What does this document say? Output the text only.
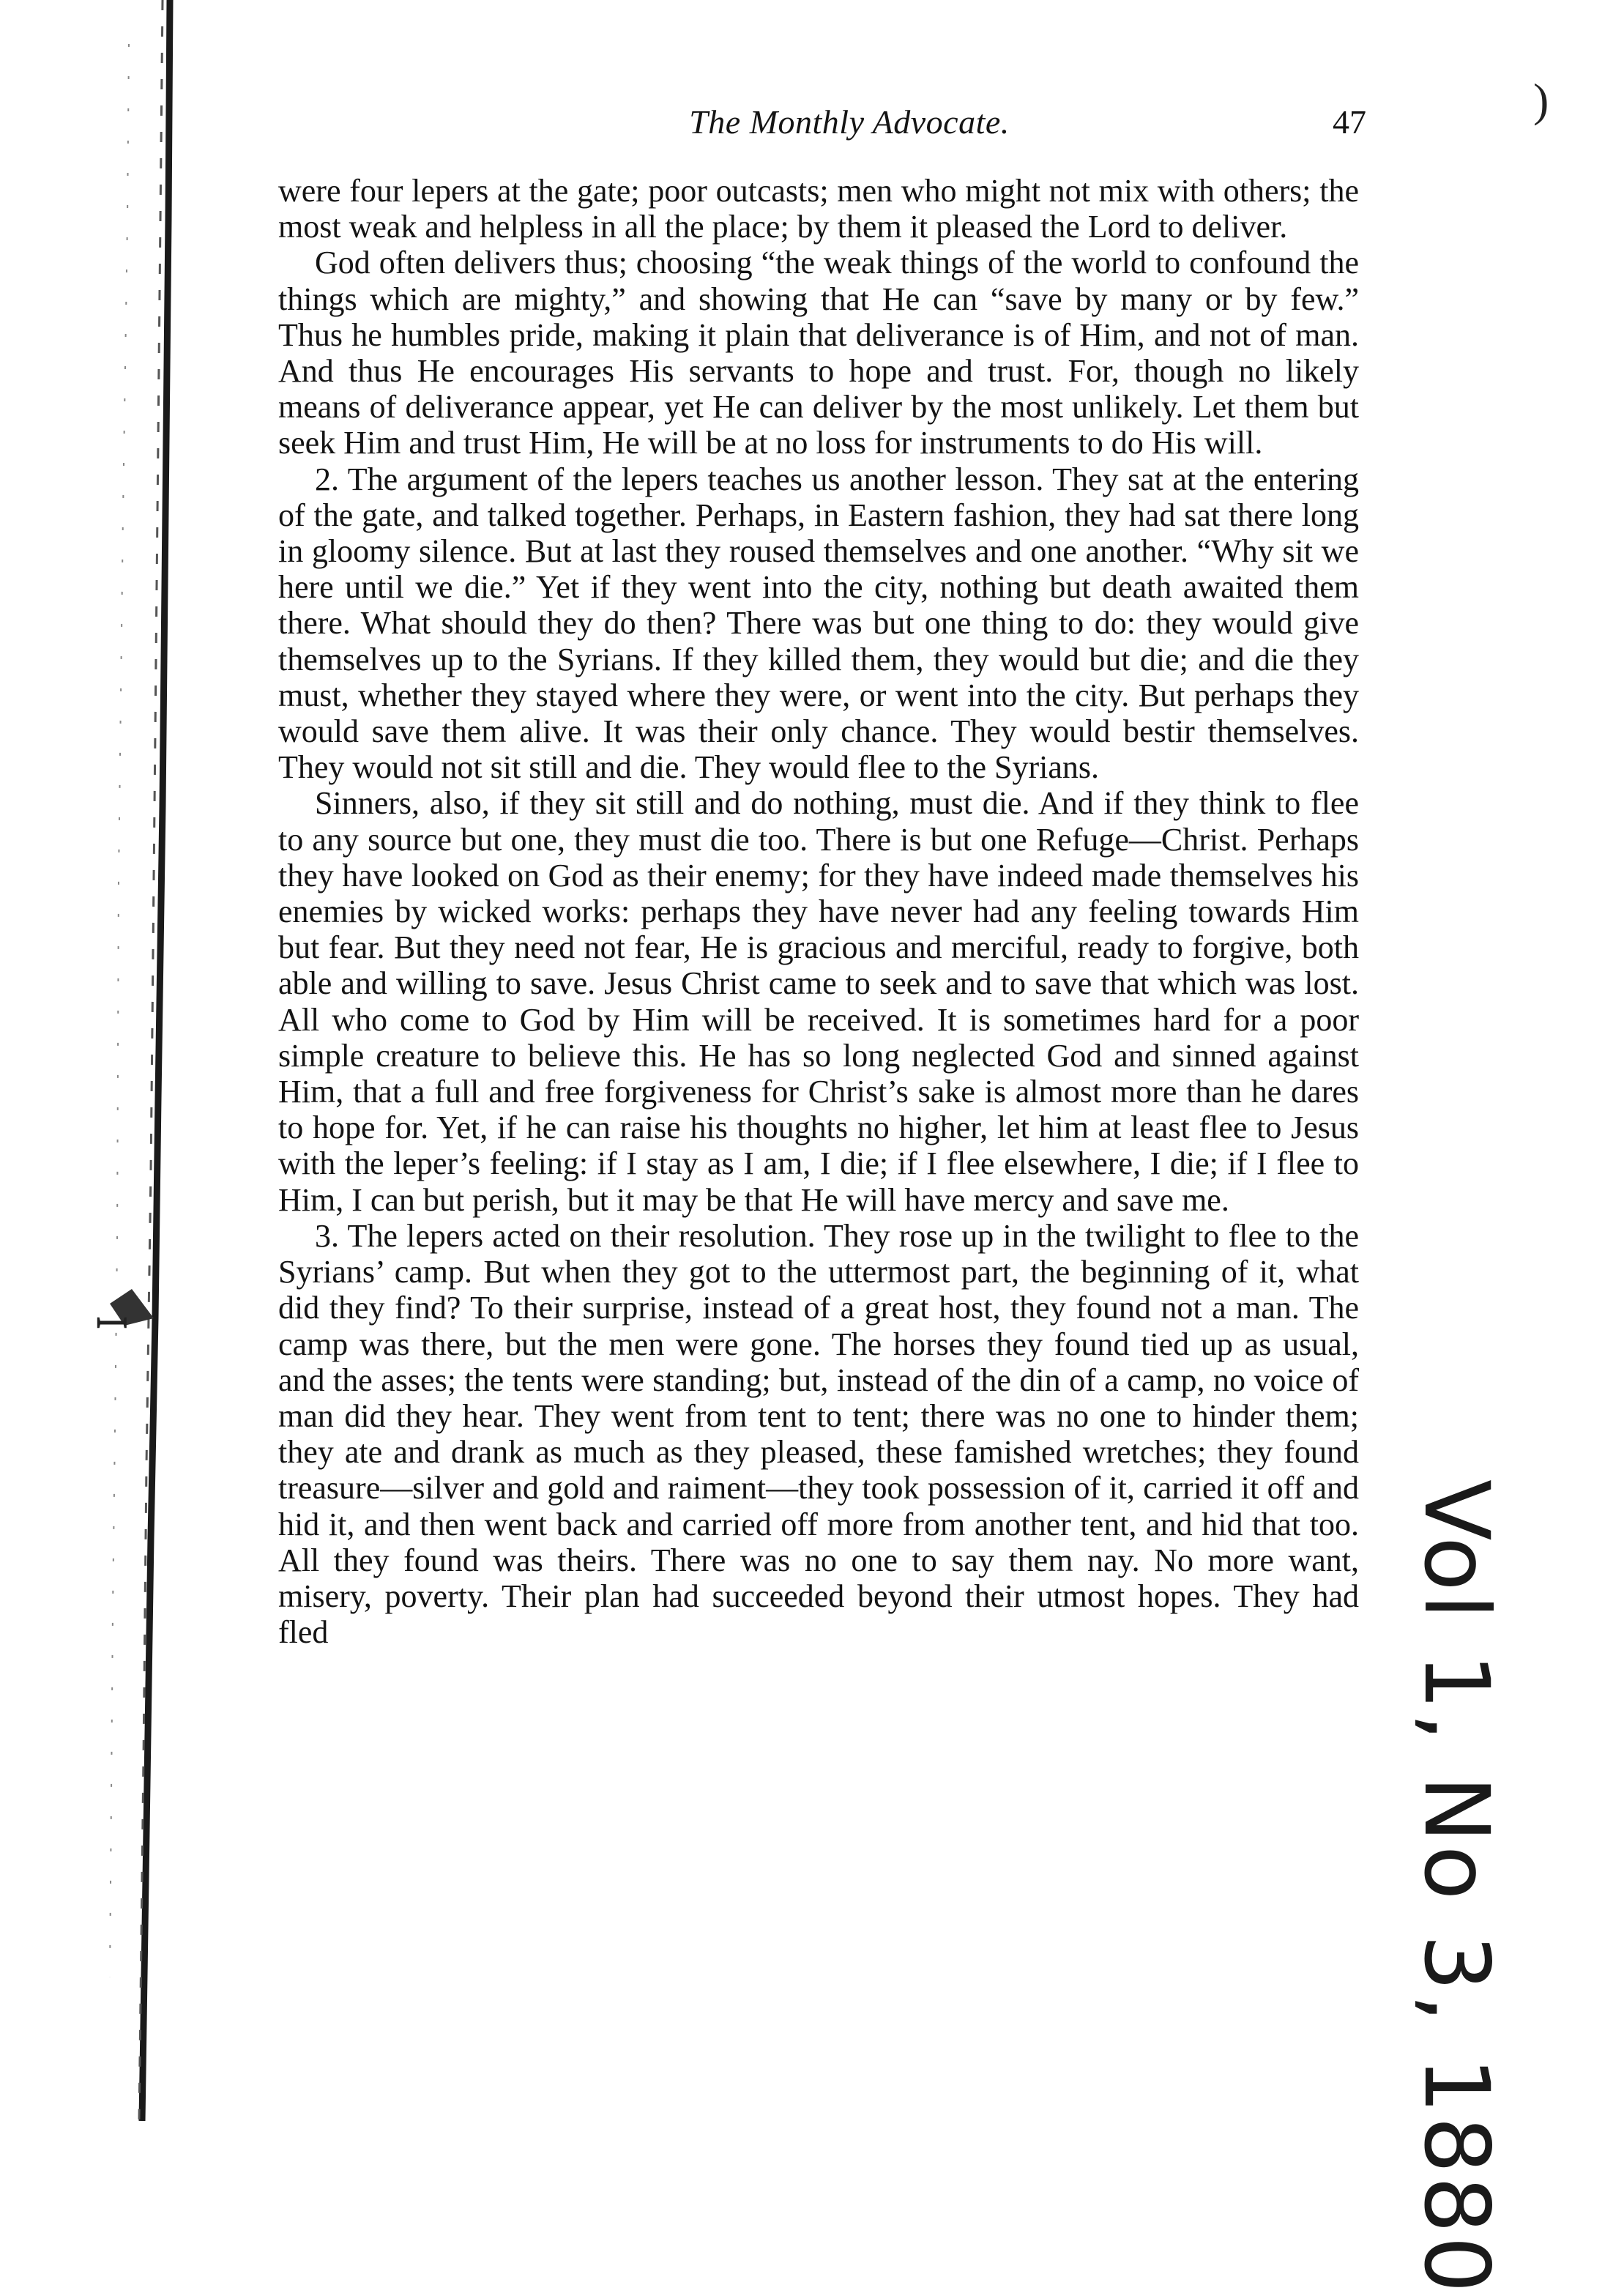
ꟷ
The Monthly Advocate.	47	)

were four lepers at the gate; poor outcasts; men who might not mix with others; the most weak and helpless in all the place; by them it pleased the Lord to deliver.

God often delivers thus; choosing “the weak things of the world to confound the things which are mighty,” and showing that He can “save by many or by few.” Thus he humbles pride, making it plain that deliverance is of Him, and not of man. And thus He encourages His servants to hope and trust. For, though no likely means of deliverance appear, yet He can deliver by the most unlikely. Let them but seek Him and trust Him, He will be at no loss for instruments to do His will.

2. The argument of the lepers teaches us another lesson. They sat at the entering of the gate, and talked together. Perhaps, in Eastern fashion, they had sat there long in gloomy silence. But at last they roused themselves and one another. “Why sit we here until we die.” Yet if they went into the city, nothing but death awaited them there. What should they do then? There was but one thing to do: they would give themselves up to the Syrians. If they killed them, they would but die; and die they must, whether they stayed where they were, or went into the city. But perhaps they would save them alive. It was their only chance. They would bestir themselves. They would not sit still and die. They would flee to the Syrians.

Sinners, also, if they sit still and do nothing, must die. And if they think to flee to any source but one, they must die too. There is but one Refuge—Christ. Perhaps they have looked on God as their enemy; for they have indeed made themselves his enemies by wicked works: perhaps they have never had any feeling towards Him but fear. But they need not fear, He is gracious and merciful, ready to forgive, both able and willing to save. Jesus Christ came to seek and to save that which was lost. All who come to God by Him will be received. It is sometimes hard for a poor simple creature to believe this. He has so long neglected God and sinned against Him, that a full and free forgiveness for Christ’s sake is almost more than he dares to hope for. Yet, if he can raise his thoughts no higher, let him at least flee to Jesus with the leper’s feeling: if I stay as I am, I die; if I flee elsewhere, I die; if I flee to Him, I can but perish, but it may be that He will have mercy and save me.

3. The lepers acted on their resolution. They rose up in the twilight to flee to the Syrians’ camp. But when they got to the uttermost part, the beginning of it, what did they find? To their surprise, instead of a great host, they found not a man. The camp was there, but the men were gone. The horses they found tied up as usual, and the asses; the tents were standing; but, instead of the din of a camp, no voice of man did they hear. They went from tent to tent; there was no one to hinder them; they ate and drank as much as they pleased, these famished wretches; they found treasure—silver and gold and raiment—they took possession of it, carried it off and hid it, and then went back and carried off more from another tent, and hid that too. All they found was theirs. There was no one to say them nay. No more want, misery, poverty. Their plan had succeeded beyond their utmost hopes. They had fled	Vol 1, No 3, 1880
